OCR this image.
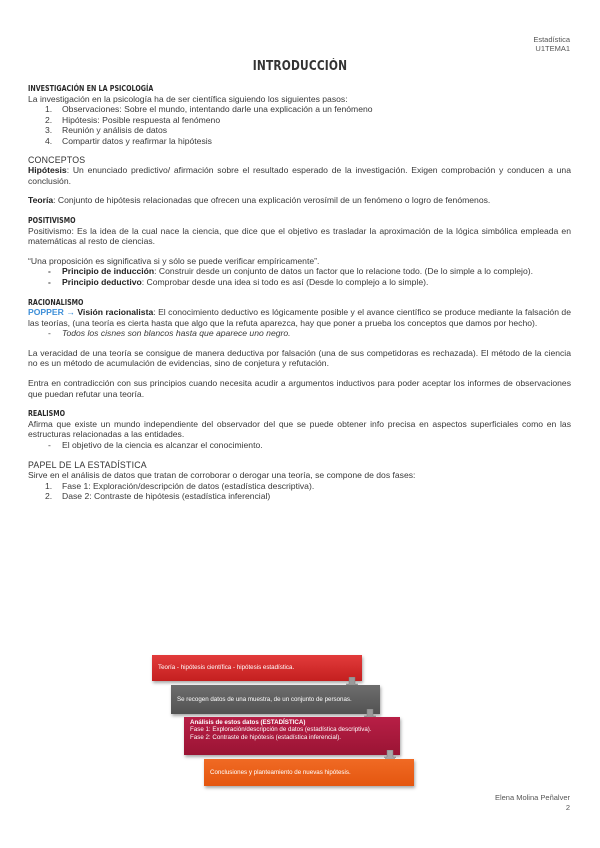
Estadística
U1TEMA1
INTRODUCCIÓN
INVESTIGACIÓN EN LA PSICOLOGÍA

La investigación en la psicología ha de ser científica siguiendo los siguientes pasos:

1. Observaciones: Sobre el mundo, intentando darle una explicación a un fenómeno
2. Hipótesis: Posible respuesta al fenómeno
3. Reunión y análisis de datos
4. Compartir datos y reafirmar la hipótesis

CONCEPTOS

Hipótesis: Un enunciado predictivo/ afirmación sobre el resultado esperado de la investigación. Exigen comprobación y conducen a una conclusión.

Teoría: Conjunto de hipótesis relacionadas que ofrecen una explicación verosímil de un fenómeno o logro de fenómenos.

POSITIVISMO

Positivismo: Es la idea de la cual nace la ciencia, que dice que el objetivo es trasladar la aproximación de la lógica simbólica empleada en matemáticas al resto de ciencias.

“Una proposición es significativa si y sólo se puede verificar empíricamente”.

- Principio de inducción: Construir desde un conjunto de datos un factor que lo relacione todo. (De lo simple a lo complejo).
- Principio deductivo: Comprobar desde una idea si todo es así (Desde lo complejo a lo simple).
RACIONALISMO

POPPER → Visión racionalista: El conocimiento deductivo es lógicamente posible y el avance científico se produce mediante la falsación de las teorías, (una teoría es cierta hasta que algo que la refuta aparezca, hay que poner a prueba los conceptos que damos por hecho).

- Todos los cisnes son blancos hasta que aparece uno negro.

La veracidad de una teoría se consigue de manera deductiva por falsación (una de sus competidoras es rechazada). El método de la ciencia no es un método de acumulación de evidencias, sino de conjetura y refutación.

Entra en contradicción con sus principios cuando necesita acudir a argumentos inductivos para poder aceptar los informes de observaciones que puedan refutar una teoría.

REALISMO

Afirma que existe un mundo independiente del observador del que se puede obtener info precisa en aspectos superficiales como en las estructuras relacionadas a las entidades.

- El objetivo de la ciencia es alcanzar el conocimiento.

PAPEL DE LA ESTADÍSTICA

Sirve en el análisis de datos que tratan de corroborar o derogar una teoría, se compone de dos fases:

1. Fase 1: Exploración/descripción de datos (estadística descriptiva).
2. Dase 2: Contraste de hipótesis (estadística inferencial)
Teoría - hipótesis científica - hipótesis estadística.
Se recogen datos de una muestra, de un conjunto de personas.
Análisis de estos datos (ESTADÍSTICA)
Fase 1: Exploración/descripción de datos (estadística descriptiva).
Fase 2: Contraste de hipótesis (estadística inferencial).
Conclusiones y planteamiento de nuevas hipótesis.
Elena Molina Peñalver
2
